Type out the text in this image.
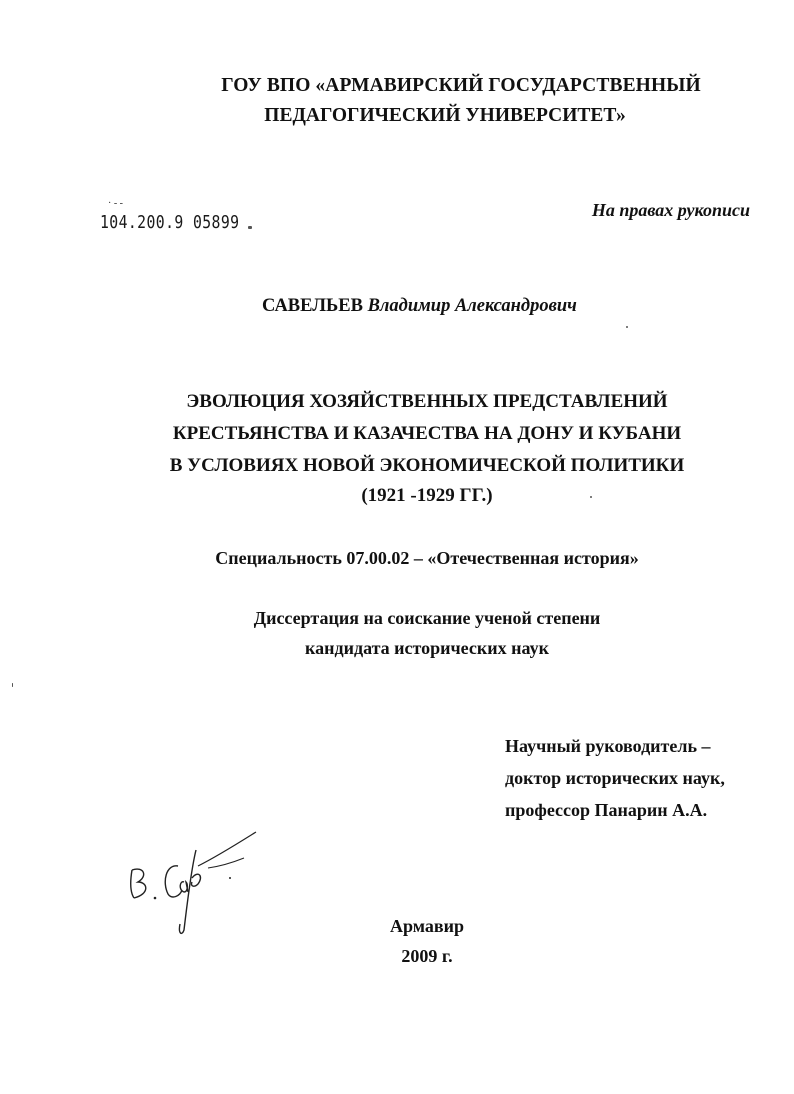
ГОУ ВПО «АРМАВИРСКИЙ ГОСУДАРСТВЕННЫЙ
ПЕДАГОГИЧЕСКИЙ УНИВЕРСИТЕТ»
· - -
104.200.9 05899
На правах рукописи
САВЕЛЬЕВ Владимир Александрович
ЭВОЛЮЦИЯ ХОЗЯЙСТВЕННЫХ ПРЕДСТАВЛЕНИЙ
КРЕСТЬЯНСТВА И КАЗАЧЕСТВА НА ДОНУ И КУБАНИ
В УСЛОВИЯХ НОВОЙ ЭКОНОМИЧЕСКОЙ ПОЛИТИКИ
(1921 -1929 ГГ.)
Специальность 07.00.02 – «Отечественная история»
Диссертация на соискание ученой степени
кандидата исторических наук
Научный руководитель –
доктор исторических наук,
профессор Панарин А.А.
Армавир
2009 г.
